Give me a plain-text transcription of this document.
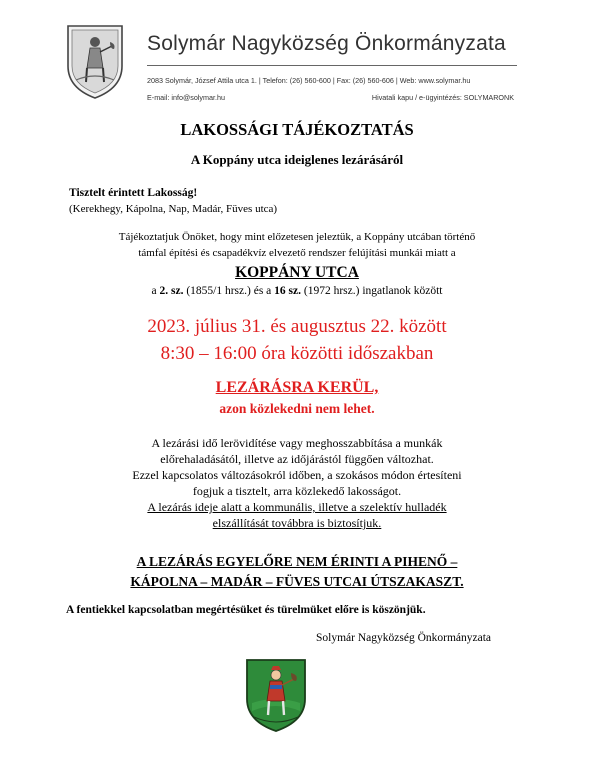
Solymár Nagyközség Önkormányzata
2083 Solymár, József Attila utca 1. | Telefon: (26) 560-600 | Fax: (26) 560-606 | Web: www.solymar.hu
E-mail: info@solymar.hu	Hivatali kapu / e-ügyintézés: SOLYMARONK
LAKOSSÁGI TÁJÉKOZTATÁS
A Koppány utca ideiglenes lezárásáról
Tisztelt érintett Lakosság!
(Kerekhegy, Kápolna, Nap, Madár, Füves utca)
Tájékoztatjuk Önöket, hogy mint előzetesen jeleztük, a Koppány utcában történő
támfal építési és csapadékvíz elvezető rendszer felújítási munkái miatt a
KOPPÁNY UTCA
a 2. sz. (1855/1 hrsz.) és a 16 sz. (1972 hrsz.) ingatlanok között
2023. július 31. és augusztus 22. között
8:30 – 16:00 óra közötti időszakban
LEZÁRÁSRA KERÜL,
azon közlekedni nem lehet.
A lezárási idő lerövidítése vagy meghosszabbítása a munkák
előrehaladásától, illetve az időjárástól függően változhat.
Ezzel kapcsolatos változásokról időben, a szokásos módon értesíteni
fogjuk a tisztelt, arra közlekedő lakosságot.
A lezárás ideje alatt a kommunális, illetve a szelektív hulladék
elszállítását továbbra is biztosítjuk.
A LEZÁRÁS EGYELŐRE NEM ÉRINTI A PIHENŐ –
KÁPOLNA – MADÁR – FÜVES UTCAI ÚTSZAKASZT.
A fentiekkel kapcsolatban megértésüket és türelmüket előre is köszönjük.
Solymár Nagyközség Önkormányzata
